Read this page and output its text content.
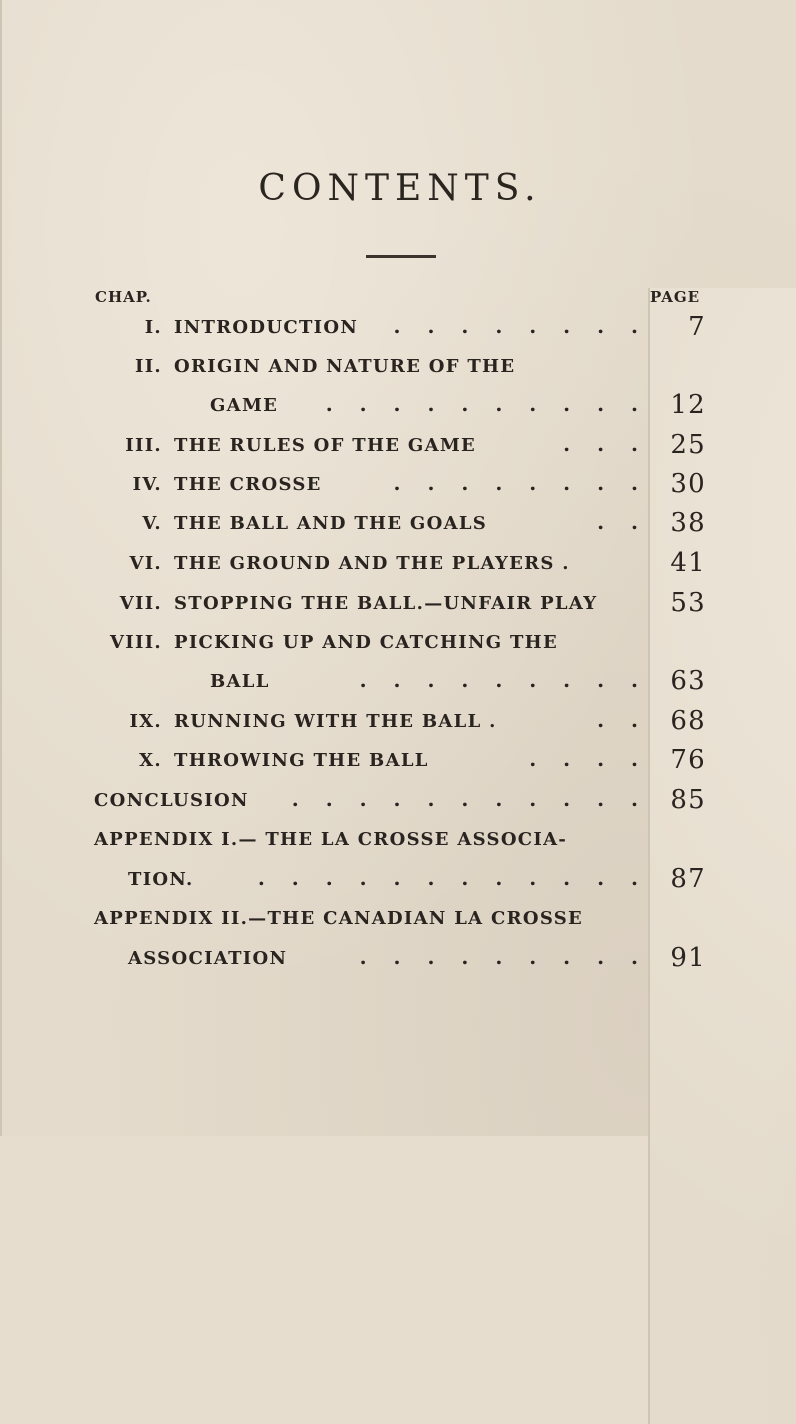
CONTENTS.
CHAP.	PAGE
I. INTRODUCTION . . . . . . . . 7
II. ORIGIN AND NATURE OF THE
GAME . . . . . . . . . . 12
III. THE RULES OF THE GAME	. . . 25
IV. THE CROSSE	. . . . . . . . 30
V. THE BALL AND THE GOALS	. . 38
VI. THE GROUND AND THE PLAYERS .	41
VII. STOPPING THE BALL.—UNFAIR PLAY	53
VIII. PICKING UP AND CATCHING THE
BALL	. . . . . . . . . 63
IX. RUNNING WITH THE BALL .	. . 68
X. THROWING THE BALL	. . . . 76
CONCLUSION . . . . . . . . . . . 85
APPENDIX I.— THE LA CROSSE ASSOCIA-
TION.	. . . . . . . . . . . . 87
APPENDIX II.—THE CANADIAN LA CROSSE
ASSOCIATION	. . . . . . . . . 91
